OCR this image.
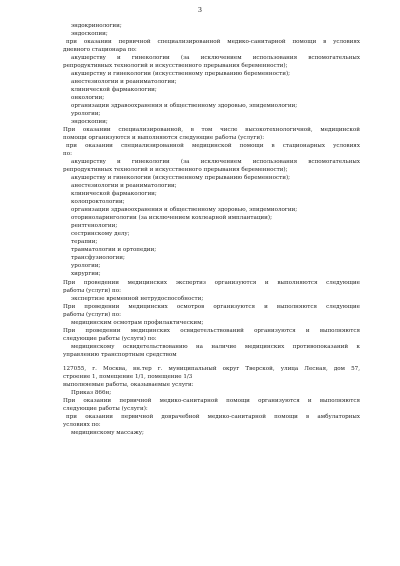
3
эндокринологии;
эндоскопии;
при оказании первичной специализированной медико-санитарной помощи в условиях
дневного стационара по:
акушерству и гинекологии (за исключением использования вспомогательных
репродуктивных технологий и искусственного прерывания беременности);
акушерству и гинекологии (искусственному прерыванию беременности);
анестезиологии и реаниматологии;
клинической фармакологии;
онкологии;
организации здравоохранения и общественному здоровью, эпидемиологии;
урологии;
эндоскопии;
При оказании специализированной, в том числе высокотехнологичной, медицинской
помощи организуются и выполняются следующие работы (услуги):
при оказании специализированной медицинской помощи в стационарных условиях
по:
акушерству и гинекологии (за исключением использования вспомогательных
репродуктивных технологий и искусственного прерывания беременности);
акушерству и гинекологии (искусственному прерыванию беременности);
анестезиологии и реаниматологии;
клинической фармакологии;
колопроктологии;
организации здравоохранения и общественному здоровью, эпидемиологии;
оториноларингологии (за исключением кохлеарной имплантации);
рентгенологии;
сестринскому делу;
терапии;
травматологии и ортопедии;
трансфузиологии;
урологии;
хирургии;
При проведении медицинских экспертиз организуются и выполняются следующие
работы (услуги) по:
экспертизе временной нетрудоспособности;
При проведении медицинских осмотров организуются и выполняются следующие
работы (услуги) по:
медицинским осмотрам профилактическим;
При проведении медицинских освидетельствований организуются и выполняются
следующие работы (услуги) по:
медицинскому освидетельствованию на наличие медицинских противопоказаний к
управлению транспортным средством
127055, г. Москва, вн.тер г. муниципальный округ Тверской, улица Лесная, дом 57,
строение 1, помещение 1/1, помещение 1/3
выполняемые работы, оказываемые услуги:
Приказ 866н;
При оказании первичной медико-санитарной помощи организуются и выполняются
следующие работы (услуги):
при оказании первичной доврачебной медико-санитарной помощи в амбулаторных
условиях по:
медицинскому массажу;
